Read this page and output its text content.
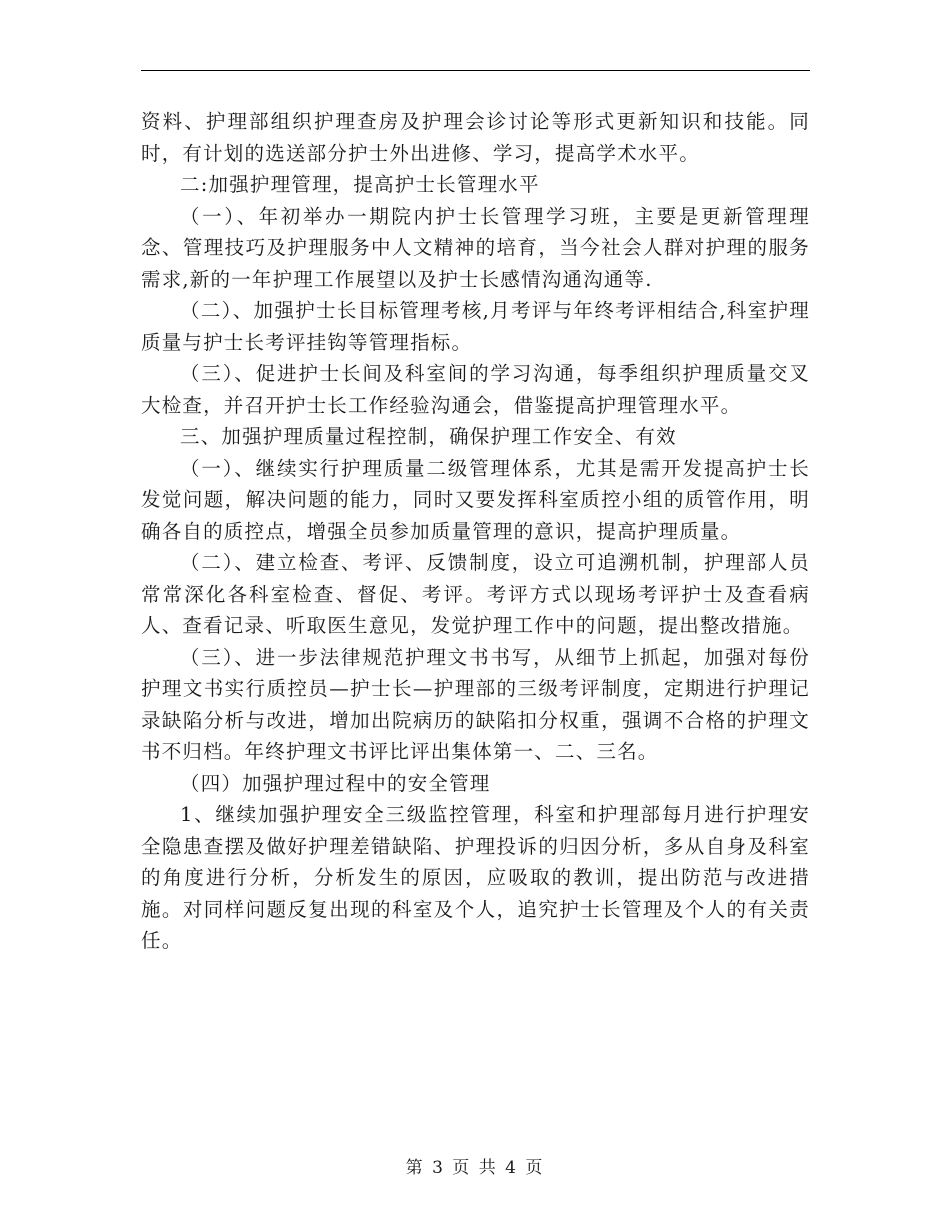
资料、护理部组织护理查房及护理会诊讨论等形式更新知识和技能。同时，有计划的选送部分护士外出进修、学习，提高学术水平。

二:加强护理管理，提高护士长管理水平

（一）、年初举办一期院内护士长管理学习班，主要是更新管理理念、管理技巧及护理服务中人文精神的培育，当今社会人群对护理的服务需求,新的一年护理工作展望以及护士长感情沟通沟通等.

（二）、加强护士长目标管理考核,月考评与年终考评相结合,科室护理质量与护士长考评挂钩等管理指标。

（三）、促进护士长间及科室间的学习沟通，每季组织护理质量交叉大检查，并召开护士长工作经验沟通会，借鉴提高护理管理水平。

三、加强护理质量过程控制，确保护理工作安全、有效

（一）、继续实行护理质量二级管理体系，尤其是需开发提高护士长发觉问题，解决问题的能力，同时又要发挥科室质控小组的质管作用，明确各自的质控点，增强全员参加质量管理的意识，提高护理质量。

（二）、建立检查、考评、反馈制度，设立可追溯机制，护理部人员常常深化各科室检查、督促、考评。考评方式以现场考评护士及查看病人、查看记录、听取医生意见，发觉护理工作中的问题，提出整改措施。

（三）、进一步法律规范护理文书书写，从细节上抓起，加强对每份护理文书实行质控员—护士长—护理部的三级考评制度，定期进行护理记录缺陷分析与改进，增加出院病历的缺陷扣分权重，强调不合格的护理文书不归档。年终护理文书评比评出集体第一、二、三名。

（四）加强护理过程中的安全管理

1、继续加强护理安全三级监控管理，科室和护理部每月进行护理安全隐患查摆及做好护理差错缺陷、护理投诉的归因分析，多从自身及科室的角度进行分析，分析发生的原因，应吸取的教训，提出防范与改进措施。对同样问题反复出现的科室及个人，追究护士长管理及个人的有关责任。

第 3 页 共 4 页
